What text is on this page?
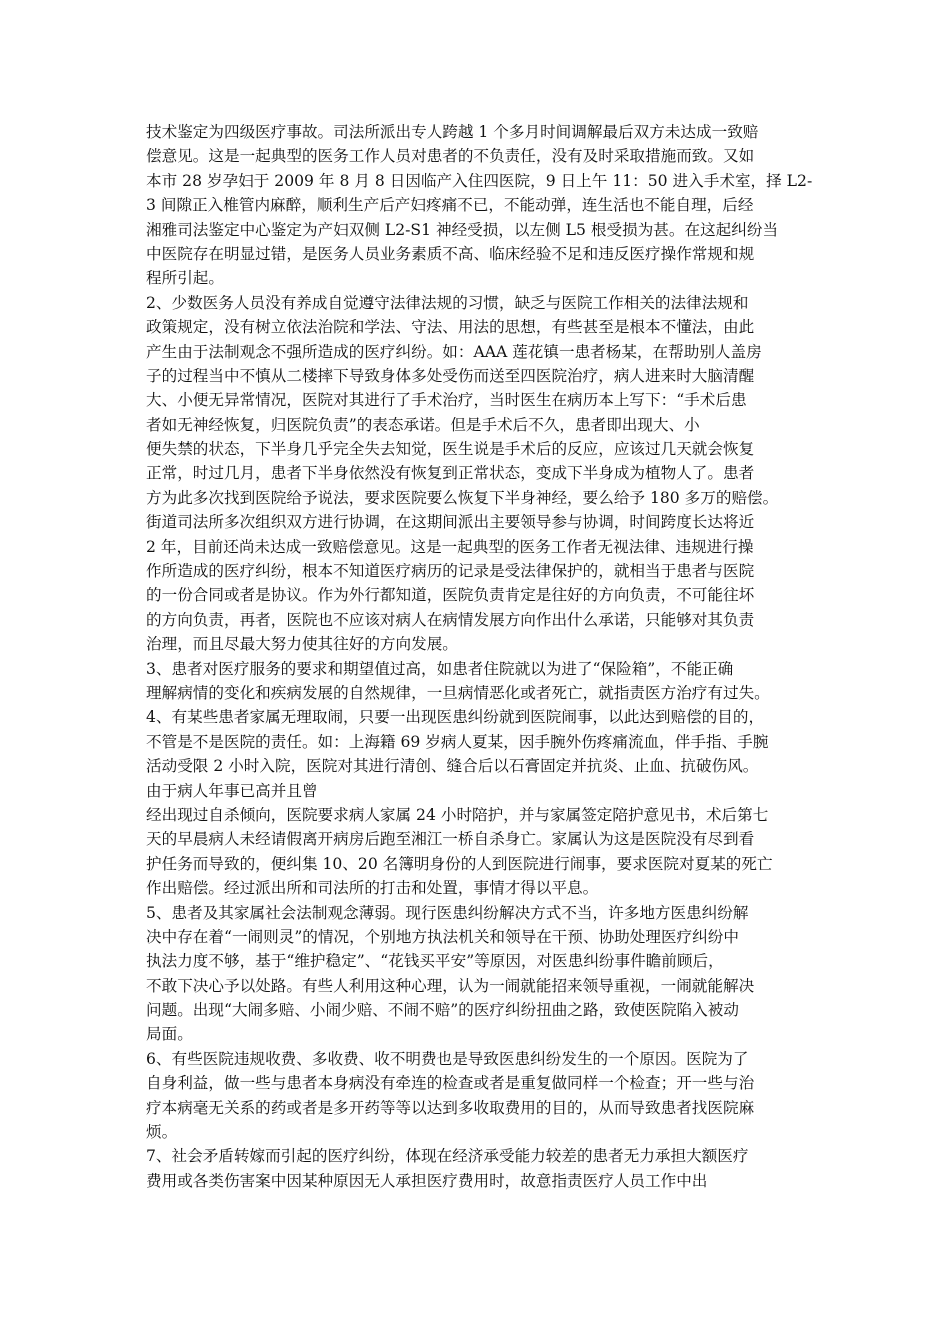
技术鉴定为四级医疗事故。司法所派出专人跨越 1 个多月时间调解最后双方未达成一致赔
偿意见。这是一起典型的医务工作人员对患者的不负责任，没有及时采取措施而致。又如
本市 28 岁孕妇于 2009 年 8 月 8 日因临产入住四医院，9 日上午 11：50 进入手术室，择 L2-
3 间隙正入椎管内麻醉，顺利生产后产妇疼痛不已，不能动弹，连生活也不能自理，后经
湘雅司法鉴定中心鉴定为产妇双侧 L2-S1 神经受损，以左侧 L5 根受损为甚。在这起纠纷当
中医院存在明显过错，是医务人员业务素质不高、临床经验不足和违反医疗操作常规和规
程所引起。
2、少数医务人员没有养成自觉遵守法律法规的习惯，缺乏与医院工作相关的法律法规和
政策规定，没有树立依法治院和学法、守法、用法的思想，有些甚至是根本不懂法，由此
产生由于法制观念不强所造成的医疗纠纷。如：AAA 莲花镇一患者杨某，在帮助别人盖房
子的过程当中不慎从二楼摔下导致身体多处受伤而送至四医院治疗，病人进来时大脑清醒
大、小便无异常情况，医院对其进行了手术治疗，当时医生在病历本上写下：“手术后患
者如无神经恢复，归医院负责”的表态承诺。但是手术后不久，患者即出现大、小
便失禁的状态，下半身几乎完全失去知觉，医生说是手术后的反应，应该过几天就会恢复
正常，时过几月，患者下半身依然没有恢复到正常状态，变成下半身成为植物人了。患者
方为此多次找到医院给予说法，要求医院要么恢复下半身神经，要么给予 180 多万的赔偿。
街道司法所多次组织双方进行协调，在这期间派出主要领导参与协调，时间跨度长达将近
2 年，目前还尚未达成一致赔偿意见。这是一起典型的医务工作者无视法律、违规进行操
作所造成的医疗纠纷，根本不知道医疗病历的记录是受法律保护的，就相当于患者与医院
的一份合同或者是协议。作为外行都知道，医院负责肯定是往好的方向负责，不可能往坏
的方向负责，再者，医院也不应该对病人在病情发展方向作出什么承诺，只能够对其负责
治理，而且尽最大努力使其往好的方向发展。
3、患者对医疗服务的要求和期望值过高，如患者住院就以为进了“保险箱”，不能正确
理解病情的变化和疾病发展的自然规律，一旦病情恶化或者死亡，就指责医方治疗有过失。
4、有某些患者家属无理取闹，只要一出现医患纠纷就到医院闹事，以此达到赔偿的目的，
不管是不是医院的责任。如：上海籍 69 岁病人夏某，因手腕外伤疼痛流血，伴手指、手腕
活动受限 2 小时入院，医院对其进行清创、缝合后以石膏固定并抗炎、止血、抗破伤风。
由于病人年事已高并且曾
经出现过自杀倾向，医院要求病人家属 24 小时陪护，并与家属签定陪护意见书，术后第七
天的早晨病人未经请假离开病房后跑至湘江一桥自杀身亡。家属认为这是医院没有尽到看
护任务而导致的，便纠集 10、20 名簿明身份的人到医院进行闹事，要求医院对夏某的死亡
作出赔偿。经过派出所和司法所的打击和处置，事情才得以平息。
5、患者及其家属社会法制观念薄弱。现行医患纠纷解决方式不当，许多地方医患纠纷解
决中存在着“一闹则灵”的情况，个别地方执法机关和领导在干预、协助处理医疗纠纷中
执法力度不够，基于“维护稳定”、“花钱买平安”等原因，对医患纠纷事件瞻前顾后，
不敢下决心予以处路。有些人利用这种心理，认为一闹就能招来领导重视，一闹就能解决
问题。出现“大闹多赔、小闹少赔、不闹不赔”的医疗纠纷扭曲之路，致使医院陷入被动
局面。
6、有些医院违规收费、多收费、收不明费也是导致医患纠纷发生的一个原因。医院为了
自身利益，做一些与患者本身病没有牵连的检查或者是重复做同样一个检查；开一些与治
疗本病毫无关系的药或者是多开药等等以达到多收取费用的目的，从而导致患者找医院麻
烦。
7、社会矛盾转嫁而引起的医疗纠纷，体现在经济承受能力较差的患者无力承担大额医疗
费用或各类伤害案中因某种原因无人承担医疗费用时，故意指责医疗人员工作中出
